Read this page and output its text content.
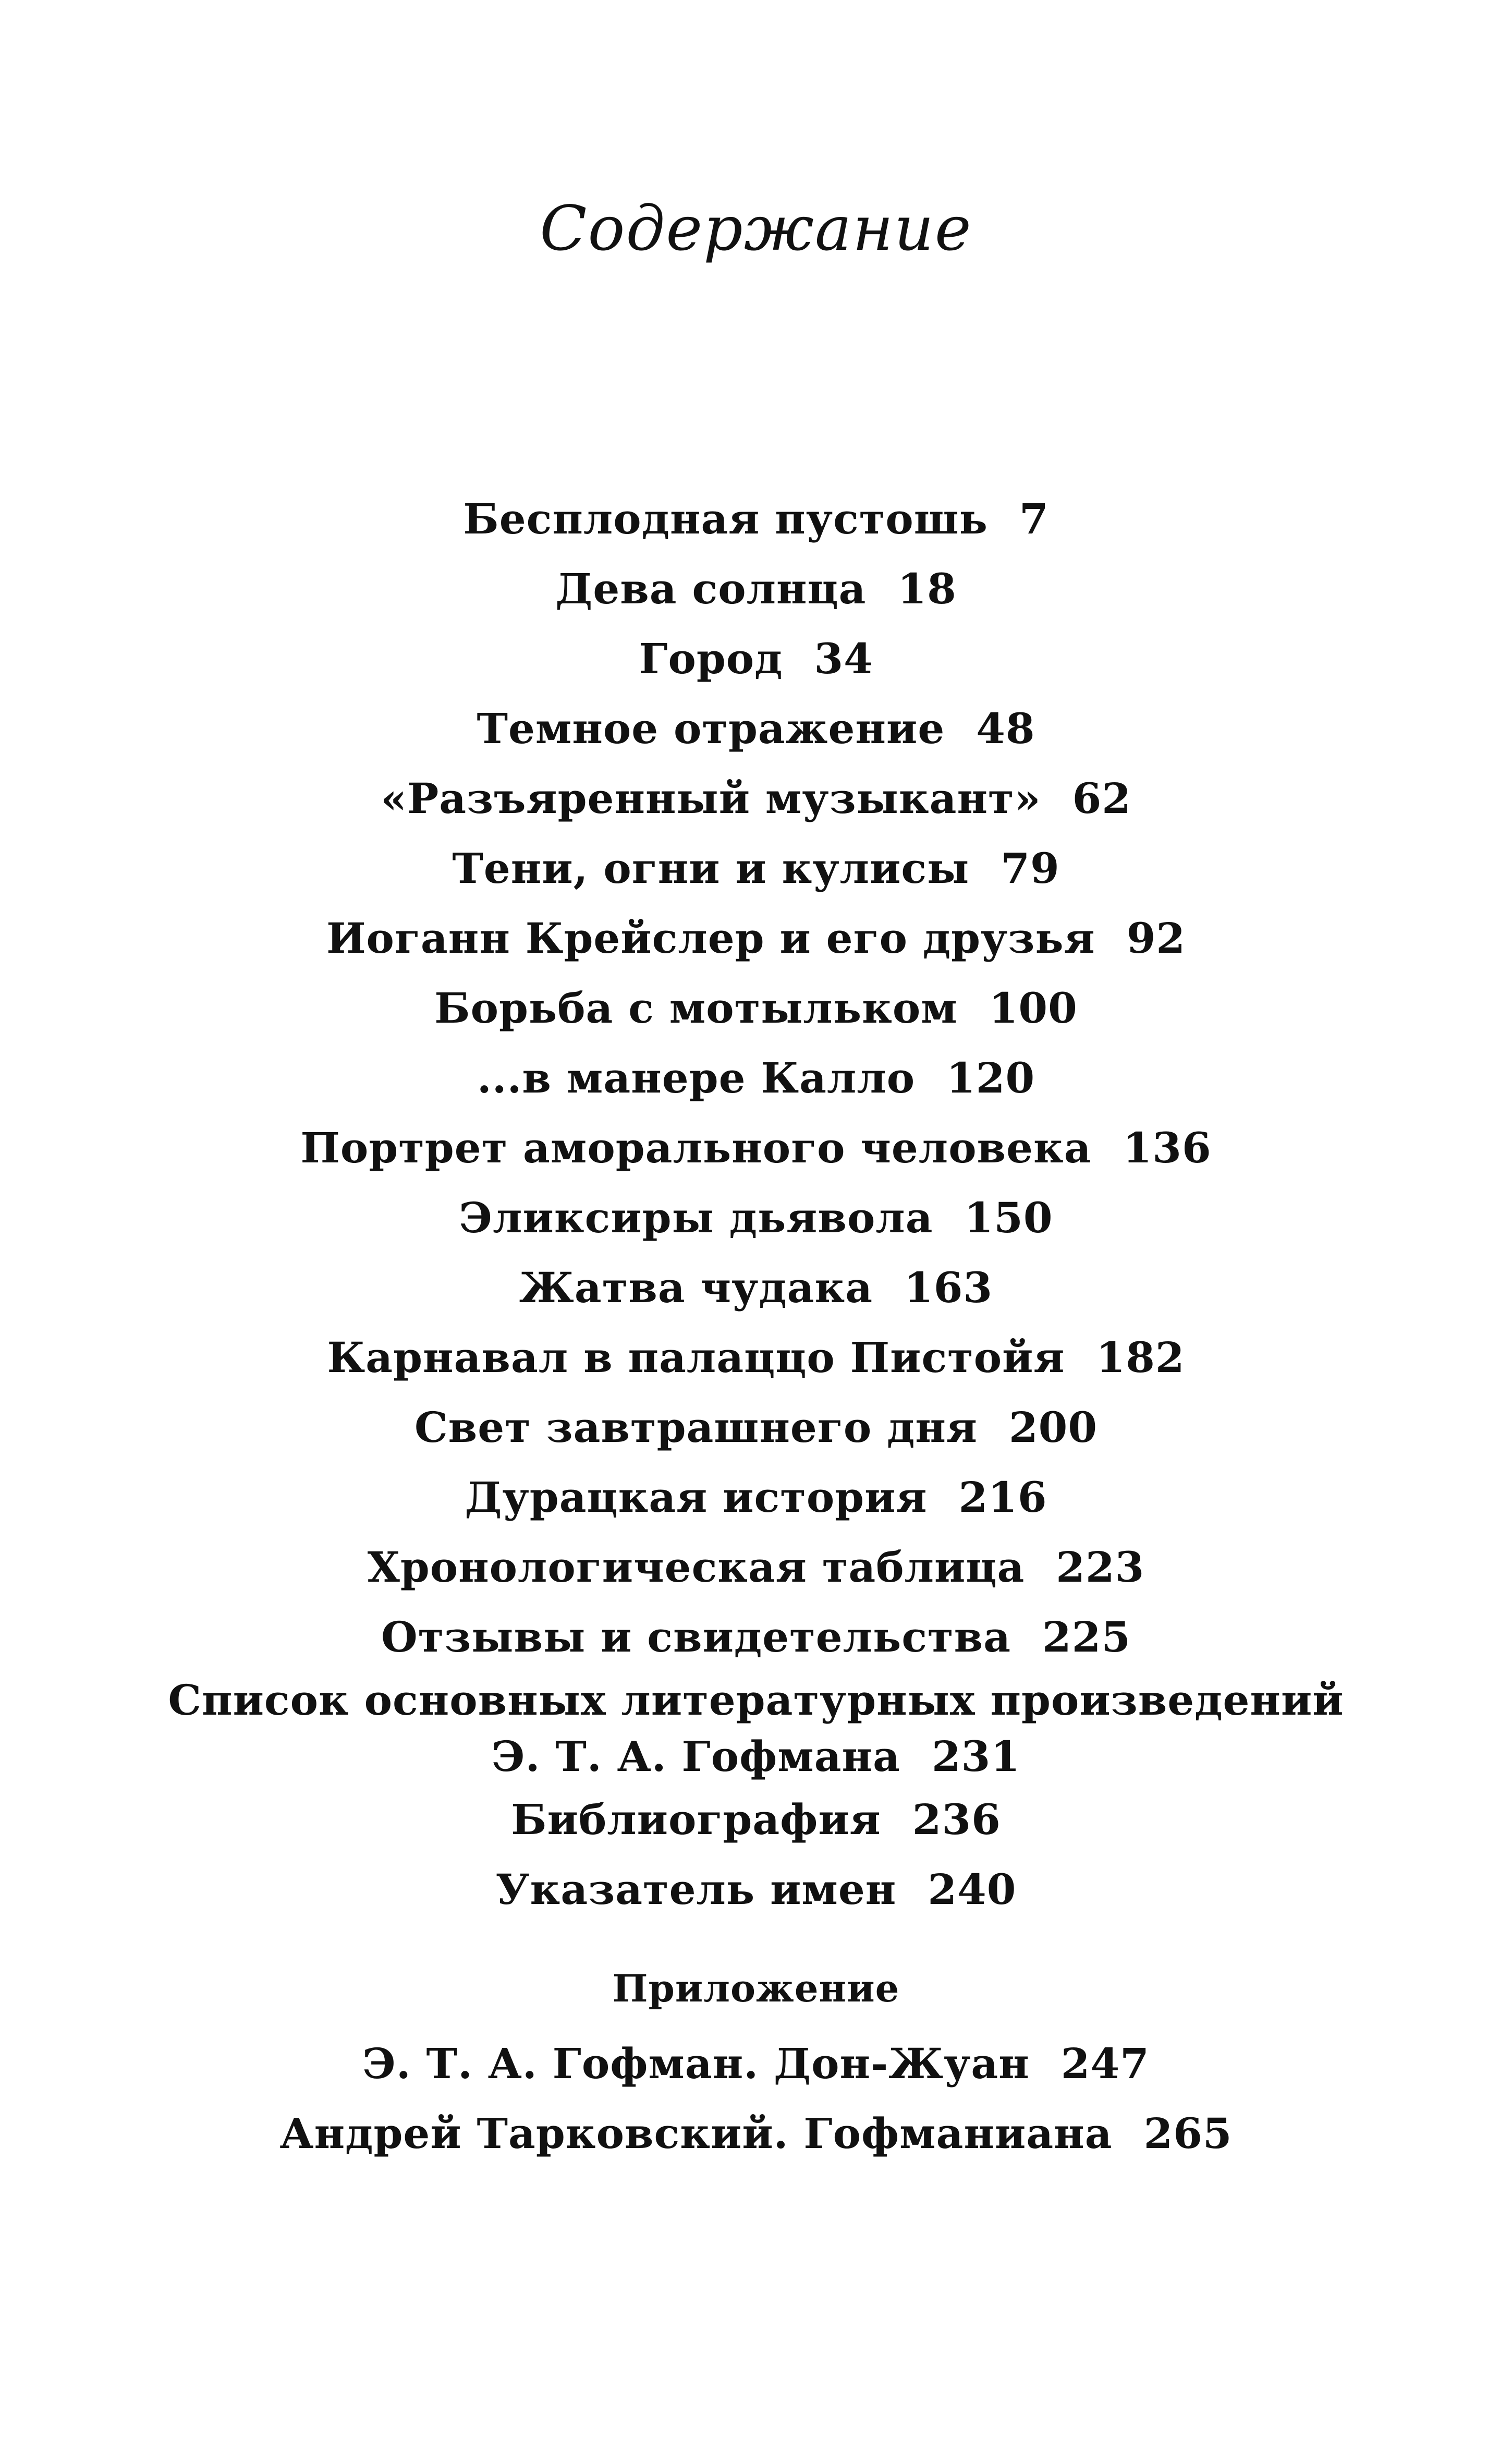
Содержание
Бесплодная пустошь 7
Дева солнца 18
Город 34
Темное отражение 48
«Разъяренный музыкант» 62
Тени, огни и кулисы 79
Иоганн Крейслер и его друзья 92
Борьба с мотыльком 100
...в манере Калло 120
Портрет аморального человека 136
Эликсиры дьявола 150
Жатва чудака 163
Карнавал в палаццо Пистойя 182
Свет завтрашнего дня 200
Дурацкая история 216
Хронологическая таблица 223
Отзывы и свидетельства 225
Список основных литературных произведений
Э. Т. А. Гофмана 231
Библиография 236
Указатель имен 240
Приложение
Э. Т. А. Гофман. Дон-Жуан 247
Андрей Тарковский. Гофманиана 265
